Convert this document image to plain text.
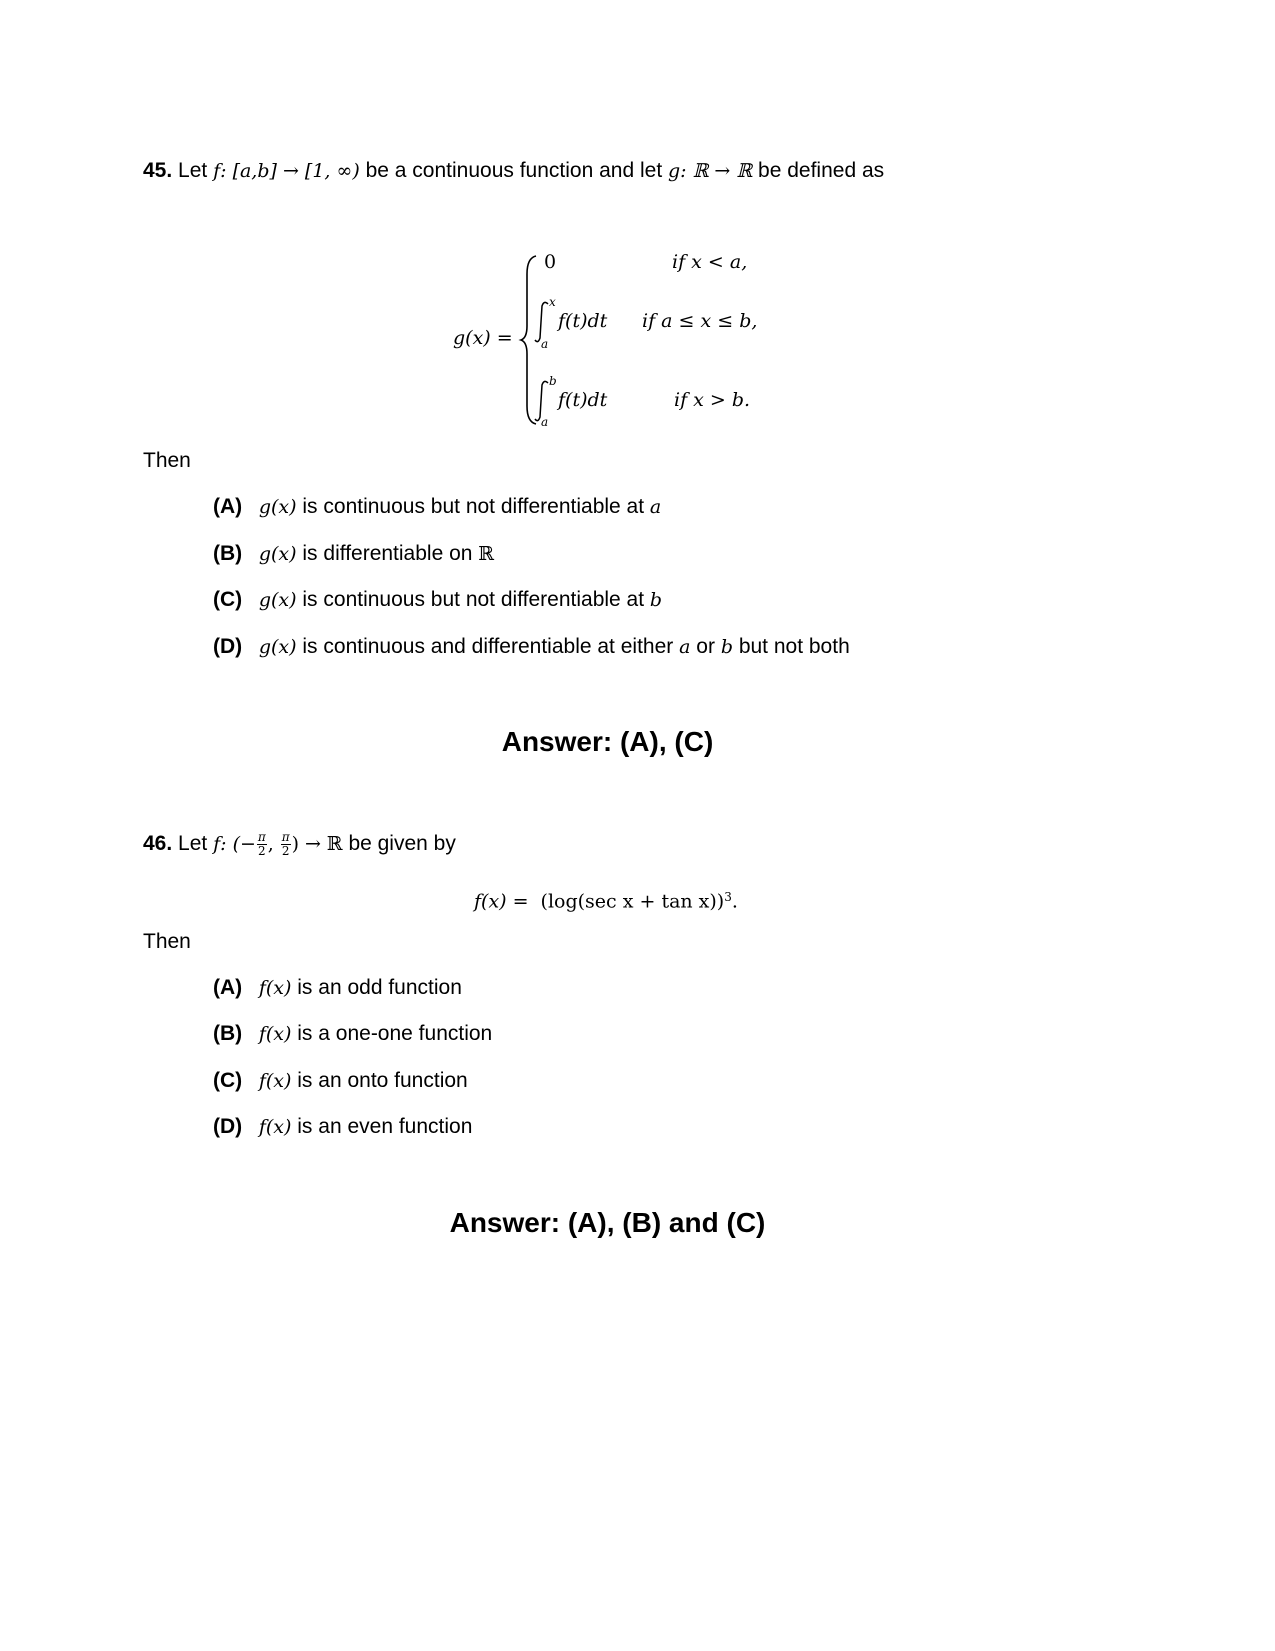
45. Let f: [a,b] → [1, ∞) be a continuous function and let g: ℝ → ℝ be defined as
g(x) =
0	if x < a,
x
a
f(t)dt if a ≤ x ≤ b,
b
a
f(t)dt	if x > b.
Then
(A) g(x) is continuous but not differentiable at a
(B) g(x) is differentiable on ℝ
(C) g(x) is continuous but not differentiable at b
(D) g(x) is continuous and differentiable at either a or b but not both
Answer: (A), (C)
46. Let f: (− $\frac{\pi}{2}$ , $\frac{\pi}{2}$ ) → ℝ be given by
f(x) = (log(sec x + tan x))$^3$.
Then
(A) f(x) is an odd function
(B) f(x) is a one-one function
(C) f(x) is an onto function
(D) f(x) is an even function
Answer: (A), (B) and (C)
